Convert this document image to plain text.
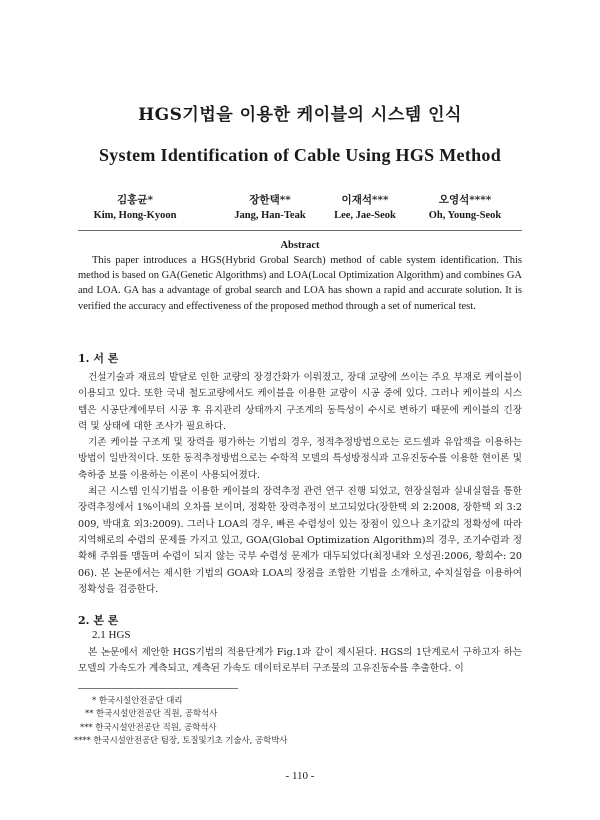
HGS기법을 이용한 케이블의 시스템 인식
System Identification of Cable Using HGS Method
김홍균*
Kim, Hong-Kyoon
장한택**
Jang, Han-Teak
이재석***
Lee, Jae-Seok
오영석****
Oh, Young-Seok
Abstract
This paper introduces a HGS(Hybrid Grobal Search) method of cable system identification. This method is based on GA(Genetic Algorithms) and LOA(Local Optimization Algorithm) and combines GA and LOA. GA has a advantage of grobal search and LOA has shown a rapid and accurate solution. It is verified the accuracy and effectiveness of the proposed method through a set of numerical test.
1. 서 론

건설기술과 재료의 발달로 인한 교량의 장경간화가 이뤄졌고, 장대 교량에 쓰이는 주요 부재로 케이블이 이용되고 있다. 또한 국내 철도교량에서도 케이블을 이용한 교량이 시공 중에 있다. 그러나 케이블의 시스템은 시공단계에부터 시공 후 유지관리 상태까지 구조계의 동특성이 수시로 변하기 때문에 케이블의 긴장력 및 상태에 대한 조사가 필요하다.

기존 케이블 구조계 및 장력을 평가하는 기법의 경우, 정적추정방법으로는 로드셀과 유압잭을 이용하는 방법이 일반적이다. 또한 동적추정방법으로는 수학적 모델의 특성방정식과 고유진동수를 이용한 현이론 및 축하중 보를 이용하는 이론이 사용되어졌다.

최근 시스템 인식기법을 이용한 케이블의 장력추정 관련 연구 진행 되었고, 현장실험과 실내실험을 통한 장력추정에서 1%이내의 오차를 보이며, 정확한 장력추정이 보고되었다(장한택 외 2:2008, 장한택 외 3:2009, 박대효 외3:2009). 그러나 LOA의 경우, 빠른 수렴성이 있는 장점이 있으나 초기값의 정확성에 따라 지역해로의 수렴의 문제를 가지고 있고, GOA(Global Optimization Algorithm)의 경우, 조기수렴과 정확해 주위를 맴돌며 수렴이 되지 않는 국부 수렴성 문제가 대두되었다(최정내와 오성권:2006, 황희수: 2006). 본 논문에서는 제시한 기법의 GOA와 LOA의 장점을 조합한 기법을 소개하고, 수치실험을 이용하여 정확성을 검증한다.

2. 본 론
2.1 HGS

본 논문에서 제안한 HGS기법의 적용단계가 Fig.1과 같이 제시된다. HGS의 1단계로서 구하고자 하는 모델의 가속도가 계측되고, 계측된 가속도 데이터로부터 구조물의 고유진동수를 추출한다. 이

* 한국시설안전공단 대리
** 한국시설안전공단 직원, 공학석사
*** 한국시설안전공단 직원, 공학석사
**** 한국시설안전공단 팀장, 토질및기초 기술사, 공학박사
- 110 -
